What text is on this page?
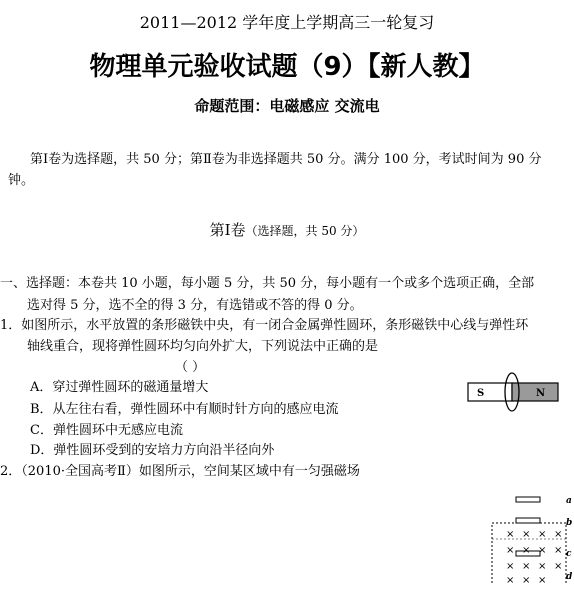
2011—2012 学年度上学期高三一轮复习
物理单元验收试题（9）【新人教】
命题范围：电磁感应 交流电
第Ⅰ卷为选择题，共 50 分；第Ⅱ卷为非选择题共 50 分。满分 100 分，考试时间为 90 分
钟。
第Ⅰ卷（选择题，共 50 分）
一、选择题：本卷共 10 小题，每小题 5 分，共 50 分，每小题有一个或多个选项正确，全部
选对得 5 分，选不全的得 3 分，有选错或不答的得 0 分。
1．如图所示，水平放置的条形磁铁中央，有一闭合金属弹性圆环，条形磁铁中心线与弹性环
轴线重合，现将弹性圆环均匀向外扩大，下列说法中正确的是
（ ）
A．穿过弹性圆环的磁通量增大
B．从左往右看，弹性圆环中有顺时针方向的感应电流
C．弹性圆环中无感应电流
D．弹性圆环受到的安培力方向沿半径向外
S	N
2．（2010·全国高考Ⅱ）如图所示，空间某区域中有一匀强磁场
× × × ×
× × × ×
× × × ×
× × ×
a
b
c
d
